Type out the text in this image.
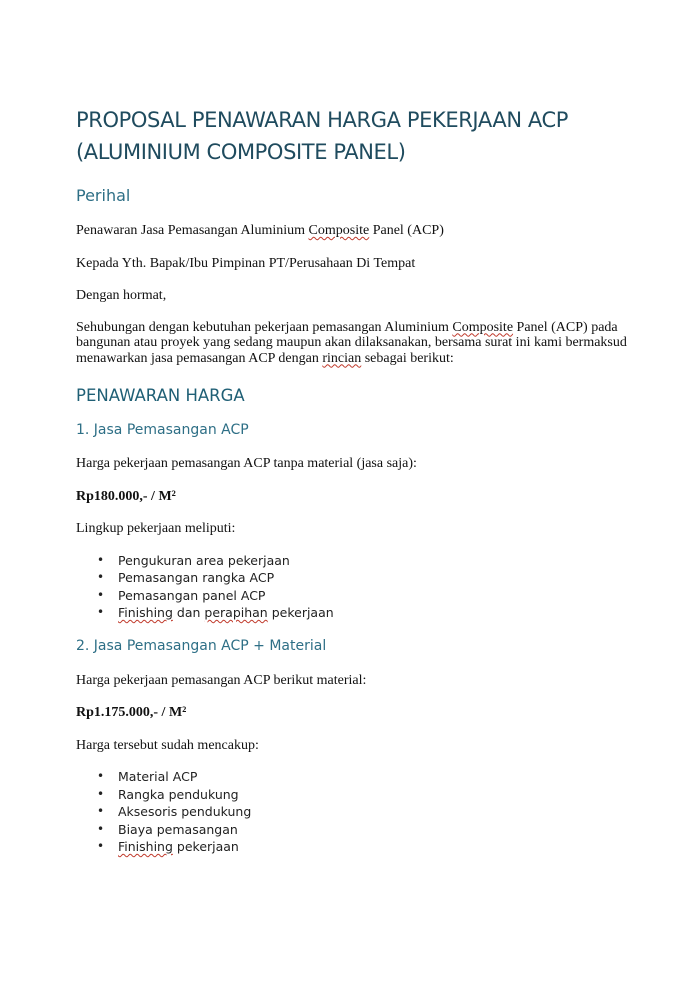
PROPOSAL PENAWARAN HARGA PEKERJAAN ACP
(ALUMINIUM COMPOSITE PANEL)
Perihal

Penawaran Jasa Pemasangan Aluminium Composite Panel (ACP)

Kepada Yth. Bapak/Ibu Pimpinan PT/Perusahaan Di Tempat

Dengan hormat,

Sehubungan dengan kebutuhan pekerjaan pemasangan Aluminium Composite Panel (ACP) pada bangunan atau proyek yang sedang maupun akan dilaksanakan, bersama surat ini kami bermaksud menawarkan jasa pemasangan ACP dengan rincian sebagai berikut:

PENAWARAN HARGA
1. Jasa Pemasangan ACP

Harga pekerjaan pemasangan ACP tanpa material (jasa saja):

Rp180.000,- / M²

Lingkup pekerjaan meliputi:

• Pengukuran area pekerjaan
• Pemasangan rangka ACP
• Pemasangan panel ACP
• Finishing dan perapihan pekerjaan
2. Jasa Pemasangan ACP + Material

Harga pekerjaan pemasangan ACP berikut material:

Rp1.175.000,- / M²

Harga tersebut sudah mencakup:

• Material ACP
• Rangka pendukung
• Aksesoris pendukung
• Biaya pemasangan
• Finishing pekerjaan
